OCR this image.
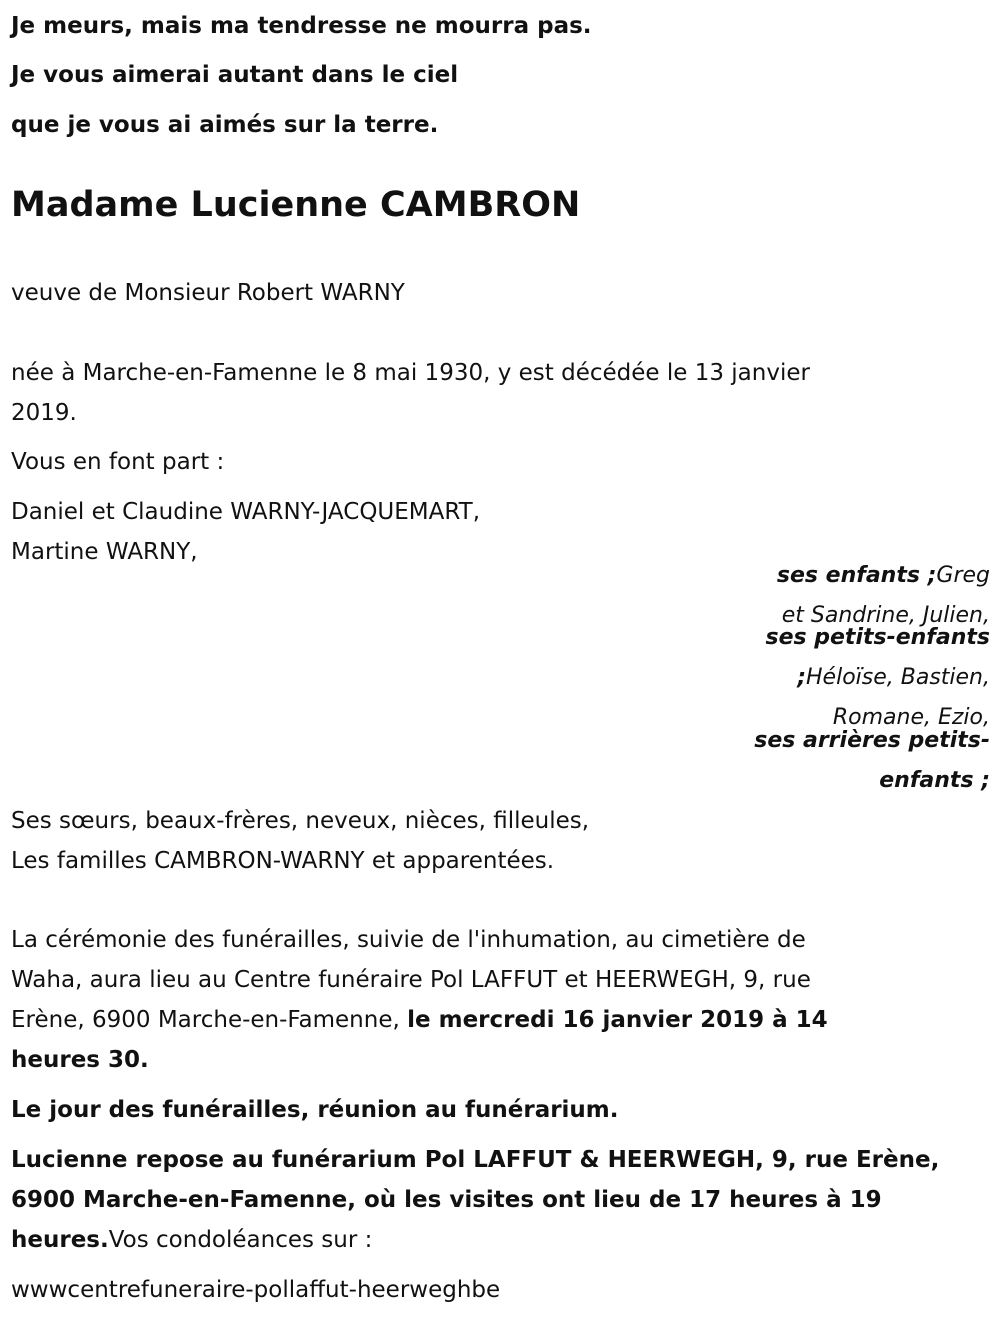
Je meurs, mais ma tendresse ne mourra pas.

Je vous aimerai autant dans le ciel

que je vous ai aimés sur la terre.

Madame Lucienne CAMBRON

veuve de Monsieur Robert WARNY

née à Marche-en-Famenne le 8 mai 1930, y est décédée le 13 janvier

2019.

Vous en font part :

Daniel et Claudine WARNY-JACQUEMART,

Martine WARNY,

ses enfants ;Greg

et Sandrine, Julien,

ses petits-enfants

;Héloïse, Bastien,

Romane, Ezio,

ses arrières petits-

enfants ;

Ses sœurs, beaux-frères, neveux, nièces, filleules,

Les familles CAMBRON-WARNY et apparentées.

La cérémonie des funérailles, suivie de l'inhumation, au cimetière de

Waha, aura lieu au Centre funéraire Pol LAFFUT et HEERWEGH, 9, rue

Erène, 6900 Marche-en-Famenne, le mercredi 16 janvier 2019 à 14

heures 30.

Le jour des funérailles, réunion au funérarium.

Lucienne repose au funérarium Pol LAFFUT & HEERWEGH, 9, rue Erène,

6900 Marche-en-Famenne, où les visites ont lieu de 17 heures à 19

heures.Vos condoléances sur :

wwwcentrefuneraire-pollaffut-heerweghbe
